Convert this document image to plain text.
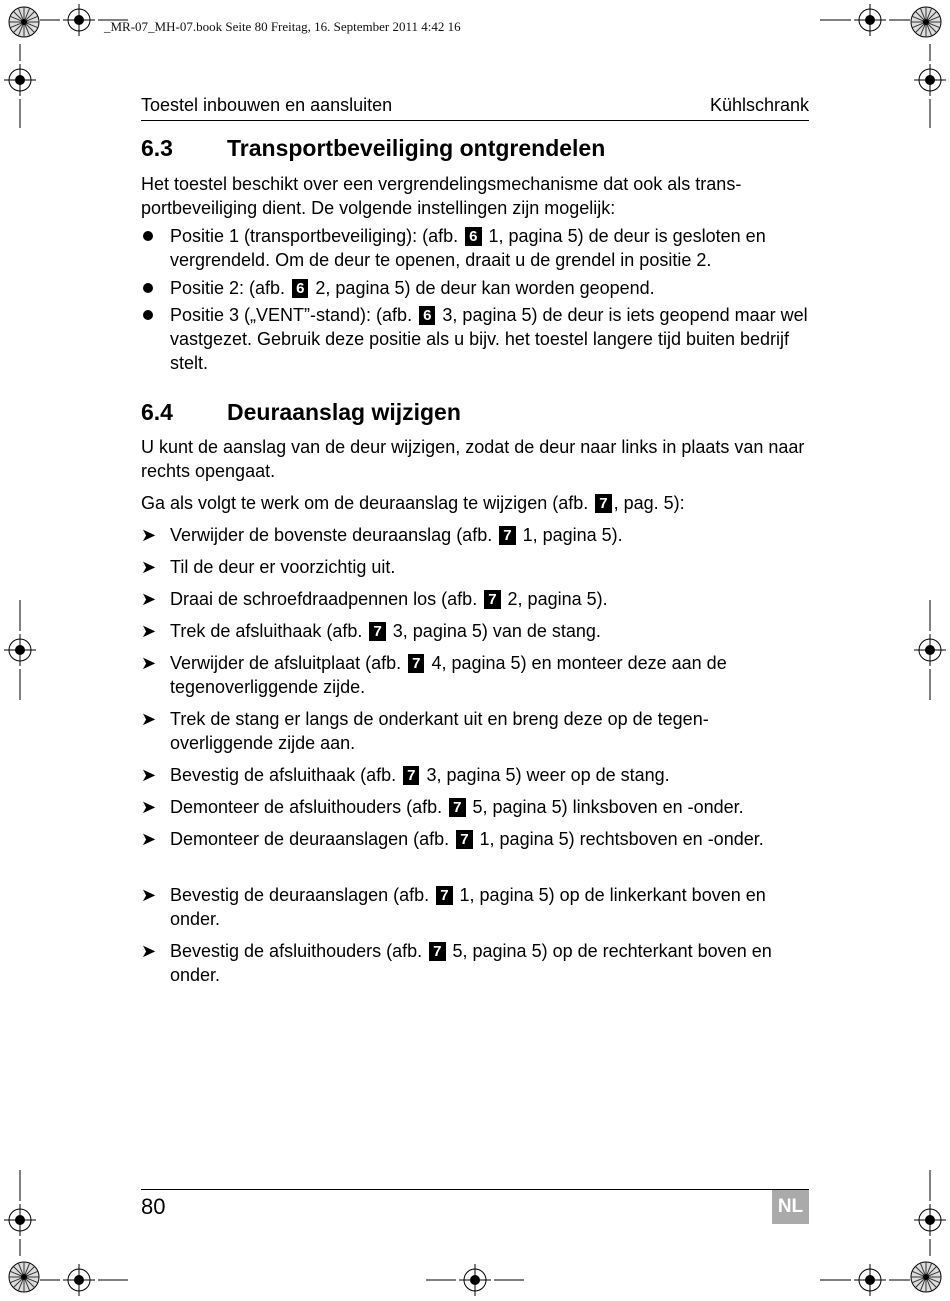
_MR-07_MH-07.book Seite 80 Freitag, 16. September 2011 4:42 16
Toestel inbouwen en aansluiten	Kühlschrank
6.3 Transportbeveiliging ontgrendelen
Het toestel beschikt over een vergrendelingsmechanisme dat ook als trans-
portbeveiliging dient. De volgende instellingen zijn mogelijk:
Positie 1 (transportbeveiliging): (afb. 6 1, pagina 5) de deur is gesloten en vergrendeld. Om de deur te openen, draait u de grendel in positie 2.
Positie 2: (afb. 6 2, pagina 5) de deur kan worden geopend.
Positie 3 („VENT”-stand): (afb. 6 3, pagina 5) de deur is iets geopend maar wel vastgezet. Gebruik deze positie als u bijv. het toestel langere tijd buiten bedrijf stelt.
6.4 Deuraanslag wijzigen
U kunt de aanslag van de deur wijzigen, zodat de deur naar links in plaats van naar rechts opengaat.
Ga als volgt te werk om de deuraanslag te wijzigen (afb. 7 , pag. 5):
➤ Verwijder de bovenste deuraanslag (afb. 7 1, pagina 5).
➤ Til de deur er voorzichtig uit.
➤ Draai de schroefdraadpennen los (afb. 7 2, pagina 5).
➤ Trek de afsluithaak (afb. 7 3, pagina 5) van de stang.
➤ Verwijder de afsluitplaat (afb. 7 4, pagina 5) en monteer deze aan de tegenoverliggende zijde.
➤ Trek de stang er langs de onderkant uit en breng deze op de tegen-overliggende zijde aan.
➤ Bevestig de afsluithaak (afb. 7 3, pagina 5) weer op de stang.
➤ Demonteer de afsluithouders (afb. 7 5, pagina 5) linksboven en -onder.
➤ Demonteer de deuraanslagen (afb. 7 1, pagina 5) rechtsboven en -onder.
➤ Bevestig de deuraanslagen (afb. 7 1, pagina 5) op de linkerkant boven en onder.
➤ Bevestig de afsluithouders (afb. 7 5, pagina 5) op de rechterkant boven en onder.
80	NL
